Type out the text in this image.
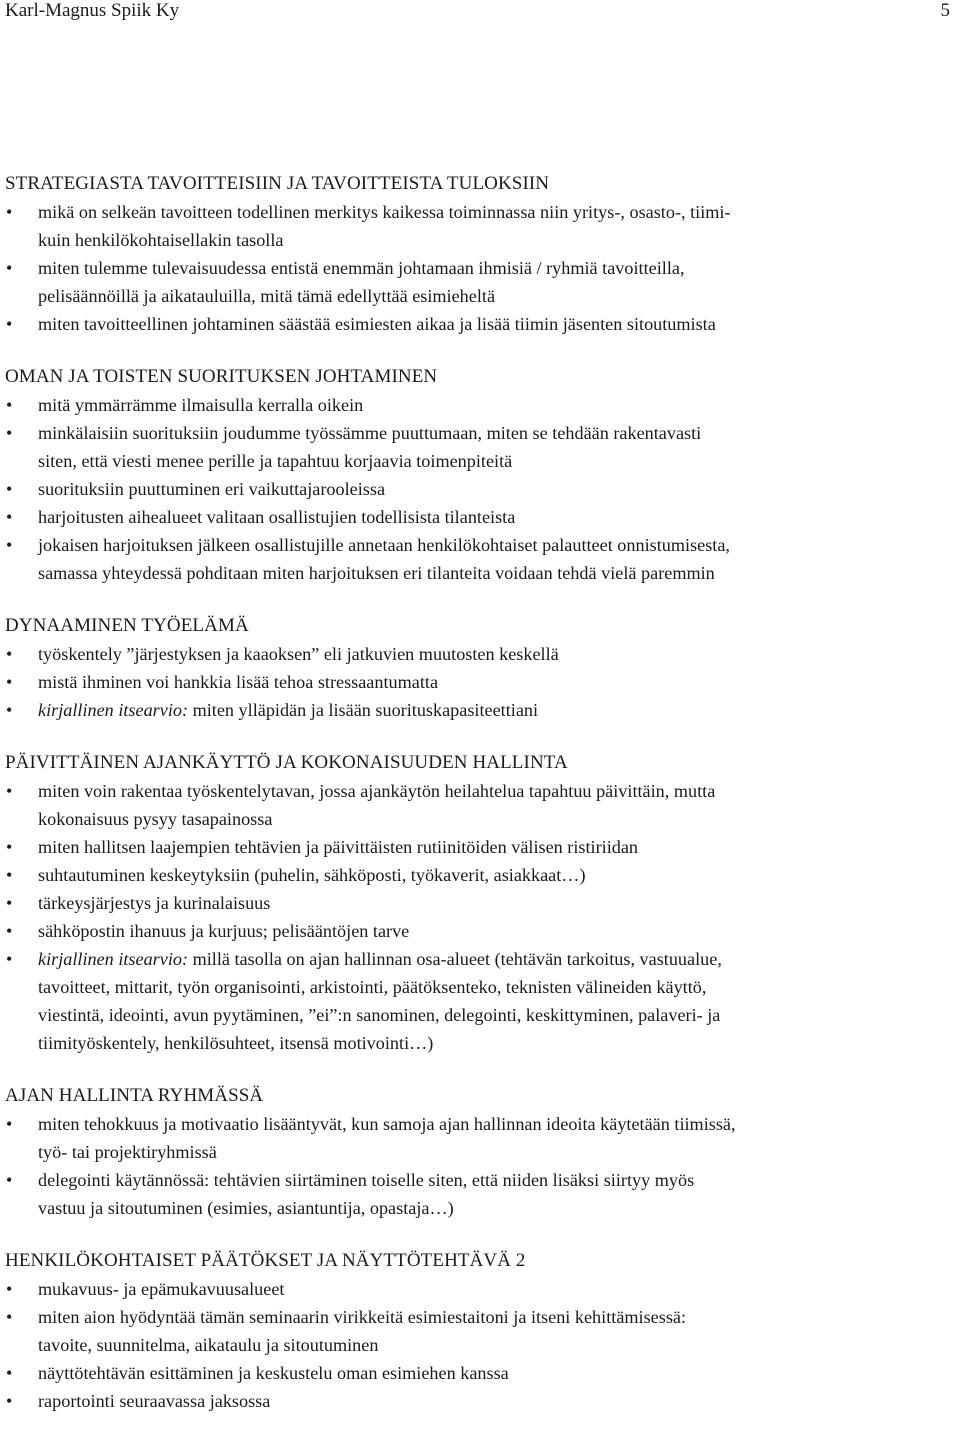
Karl-Magnus Spiik Ky	5
STRATEGIASTA TAVOITTEISIIN JA TAVOITTEISTA TULOKSIIN
• mikä on selkeän tavoitteen todellinen merkitys kaikessa toiminnassa niin yritys-, osasto-, tiimi-
kuin henkilökohtaisellakin tasolla
• miten tulemme tulevaisuudessa entistä enemmän johtamaan ihmisiä / ryhmiä tavoitteilla,
pelisäännöillä ja aikatauluilla, mitä tämä edellyttää esimieheltä
• miten tavoitteellinen johtaminen säästää esimiesten aikaa ja lisää tiimin jäsenten sitoutumista
OMAN JA TOISTEN SUORITUKSEN JOHTAMINEN
• mitä ymmärrämme ilmaisulla kerralla oikein
• minkälaisiin suorituksiin joudumme työssämme puuttumaan, miten se tehdään rakentavasti
siten, että viesti menee perille ja tapahtuu korjaavia toimenpiteitä
• suorituksiin puuttuminen eri vaikuttajarooleissa
• harjoitusten aihealueet valitaan osallistujien todellisista tilanteista
• jokaisen harjoituksen jälkeen osallistujille annetaan henkilökohtaiset palautteet onnistumisesta,
samassa yhteydessä pohditaan miten harjoituksen eri tilanteita voidaan tehdä vielä paremmin
DYNAAMINEN TYÖELÄMÄ
• työskentely ”järjestyksen ja kaaoksen” eli jatkuvien muutosten keskellä
• mistä ihminen voi hankkia lisää tehoa stressaantumatta
• kirjallinen itsearvio: miten ylläpidän ja lisään suorituskapasiteettiani
PÄIVITTÄINEN AJANKÄYTTÖ JA KOKONAISUUDEN HALLINTA
• miten voin rakentaa työskentelytavan, jossa ajankäytön heilahtelua tapahtuu päivittäin, mutta
kokonaisuus pysyy tasapainossa
• miten hallitsen laajempien tehtävien ja päivittäisten rutiinitöiden välisen ristiriidan
• suhtautuminen keskeytyksiin (puhelin, sähköposti, työkaverit, asiakkaat…)
• tärkeysjärjestys ja kurinalaisuus
• sähköpostin ihanuus ja kurjuus; pelisääntöjen tarve
• kirjallinen itsearvio: millä tasolla on ajan hallinnan osa-alueet (tehtävän tarkoitus, vastuualue,
tavoitteet, mittarit, työn organisointi, arkistointi, päätöksenteko, teknisten välineiden käyttö,
viestintä, ideointi, avun pyytäminen, ”ei”:n sanominen, delegointi, keskittyminen, palaveri- ja
tiimityöskentely, henkilösuhteet, itsensä motivointi…)
AJAN HALLINTA RYHMÄSSÄ
• miten tehokkuus ja motivaatio lisääntyvät, kun samoja ajan hallinnan ideoita käytetään tiimissä,
työ- tai projektiryhmissä
• delegointi käytännössä: tehtävien siirtäminen toiselle siten, että niiden lisäksi siirtyy myös
vastuu ja sitoutuminen (esimies, asiantuntija, opastaja…)
HENKILÖKOHTAISET PÄÄTÖKSET JA NÄYTTÖTEHTÄVÄ 2
• mukavuus- ja epämukavuusalueet
• miten aion hyödyntää tämän seminaarin virikkeitä esimiestaitoni ja itseni kehittämisessä:
tavoite, suunnitelma, aikataulu ja sitoutuminen
• näyttötehtävän esittäminen ja keskustelu oman esimiehen kanssa
• raportointi seuraavassa jaksossa
